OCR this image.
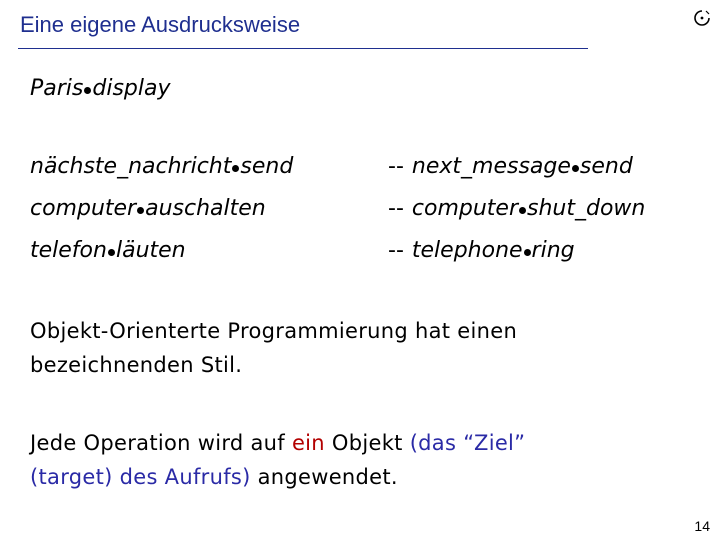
Eine eigene Ausdrucksweise
Paris display
nächste_nachricht send
computer auschalten
telefon läuten
-- next_message send
-- computer shut_down
-- telephone ring
Objekt-Orienterte Programmierung hat einen
bezeichnenden Stil.
Jede Operation wird auf ein Objekt (das “Ziel”
(target) des Aufrufs) angewendet.
14
